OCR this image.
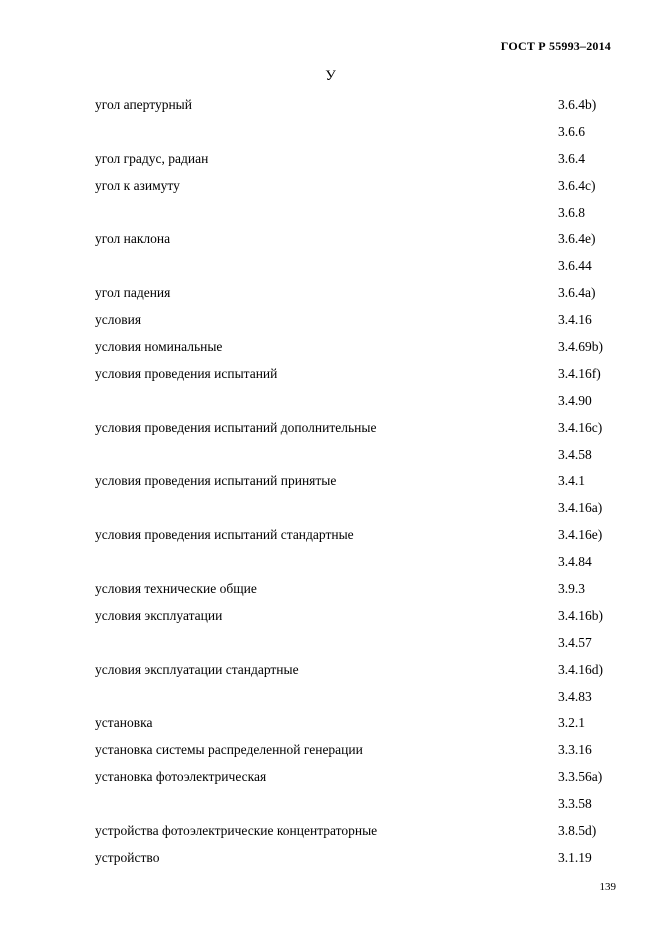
ГОСТ Р 55993–2014
У
угол апертурный	3.6.4b)
3.6.6
угол градус, радиан	3.6.4
угол к азимуту	3.6.4c)
3.6.8
угол наклона	3.6.4e)
3.6.44
угол падения	3.6.4a)
условия	3.4.16
условия номинальные	3.4.69b)
условия проведения испытаний	3.4.16f)
3.4.90
условия проведения испытаний дополнительные	3.4.16c)
3.4.58
условия проведения испытаний принятые	3.4.1
3.4.16a)
условия проведения испытаний стандартные	3.4.16e)
3.4.84
условия технические общие	3.9.3
условия эксплуатации	3.4.16b)
3.4.57
условия эксплуатации стандартные	3.4.16d)
3.4.83
установка	3.2.1
установка системы распределенной генерации	3.3.16
установка фотоэлектрическая	3.3.56a)
3.3.58
устройства фотоэлектрические концентраторные	3.8.5d)
устройство	3.1.19
139
